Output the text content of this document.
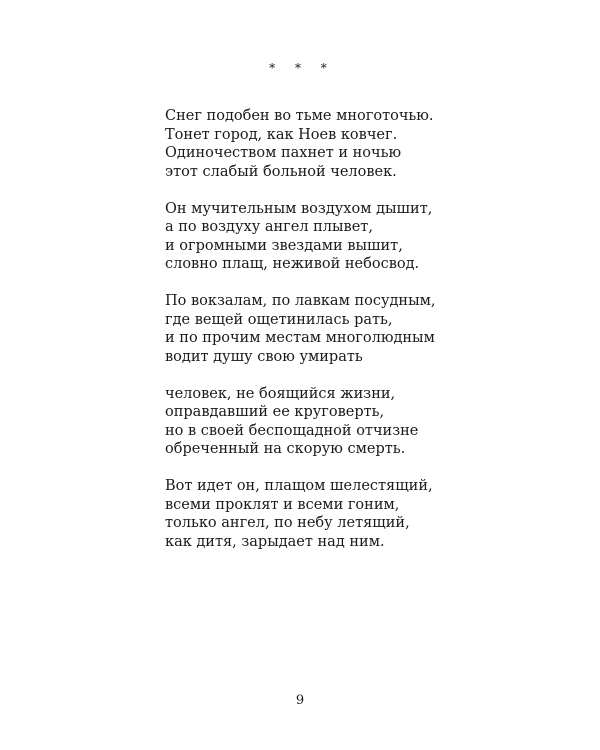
* * *
Снег подобен во тьме многоточью.
Тонет город, как Ноев ковчег.
Одиночеством пахнет и ночью
этот слабый больной человек.
Он мучительным воздухом дышит,
а по воздуху ангел плывет,
и огромными звездами вышит,
словно плащ, неживой небосвод.
По вокзалам, по лавкам посудным,
где вещей ощетинилась рать,
и по прочим местам многолюдным
водит душу свою умирать
человек, не боящийся жизни,
оправдавший ее круговерть,
но в своей беспощадной отчизне
обреченный на скорую смерть.
Вот идет он, плащом шелестящий,
всеми проклят и всеми гоним,
только ангел, по небу летящий,
как дитя, зарыдает над ним.
9
